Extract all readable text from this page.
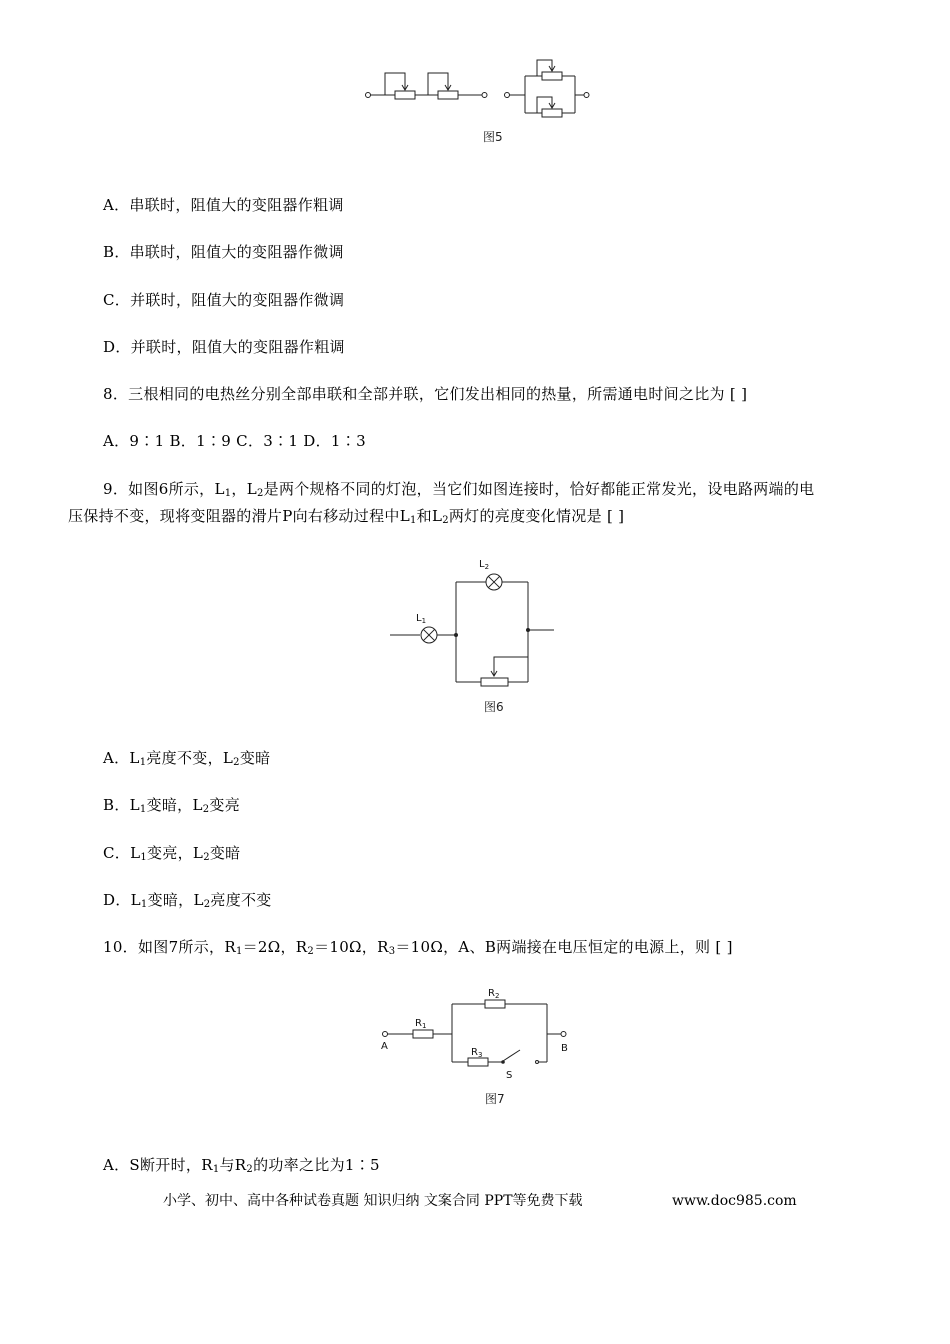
图5
A．串联时，阻值大的变阻器作粗调
B．串联时，阻值大的变阻器作微调
C．并联时，阻值大的变阻器作微调
D．并联时，阻值大的变阻器作粗调
8．三根相同的电热丝分别全部串联和全部并联，它们发出相同的热量，所需通电时间之比为 [ ]
A．9∶1 B．1∶9 C．3∶1 D．1∶3
9．如图6所示，$L_1$，$L_2$是两个规格不同的灯泡，当它们如图连接时，恰好都能正常发光，设电路两端的电
压保持不变，现将变阻器的滑片P向右移动过程中$L_1$和$L_2$两灯的亮度变化情况是 [ ]
$L_1$
$L_2$
图6
A．$L_1$亮度不变，$L_2$变暗
B．$L_1$变暗，$L_2$变亮
C．$L_1$变亮，$L_2$变暗
D．$L_1$变暗，$L_2$亮度不变
10．如图7所示，$R_1=2\Omega$，$R_2=10\Omega$，$R_3=10\Omega$，A、B两端接在电压恒定的电源上，则 [ ]
$R_1$
$R_2$
$R_3$
A	B
S
图7
A．S断开时，$R_1$与$R_2$的功率之比为1∶5
小学、初中、高中各种试卷真题 知识归纳 文案合同 PPT等免费下载	www.doc985.com
